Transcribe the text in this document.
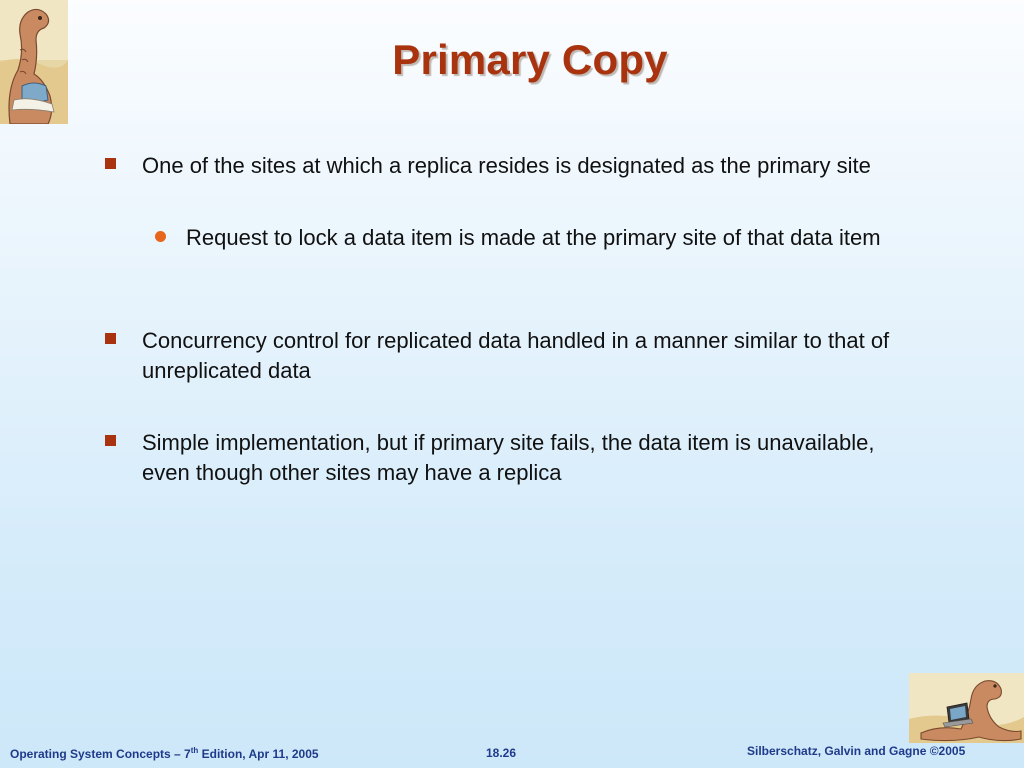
Primary Copy
One of the sites at which a replica resides is designated as the primary site
Request to lock a data item is made at the primary site of that data item
Concurrency control for replicated data handled in a manner similar to that of unreplicated data
Simple implementation, but if primary site fails, the data item is unavailable, even though other sites may have a replica
Operating System Concepts – 7th Edition, Apr 11, 2005	18.26	Silberschatz, Galvin and Gagne ©2005
